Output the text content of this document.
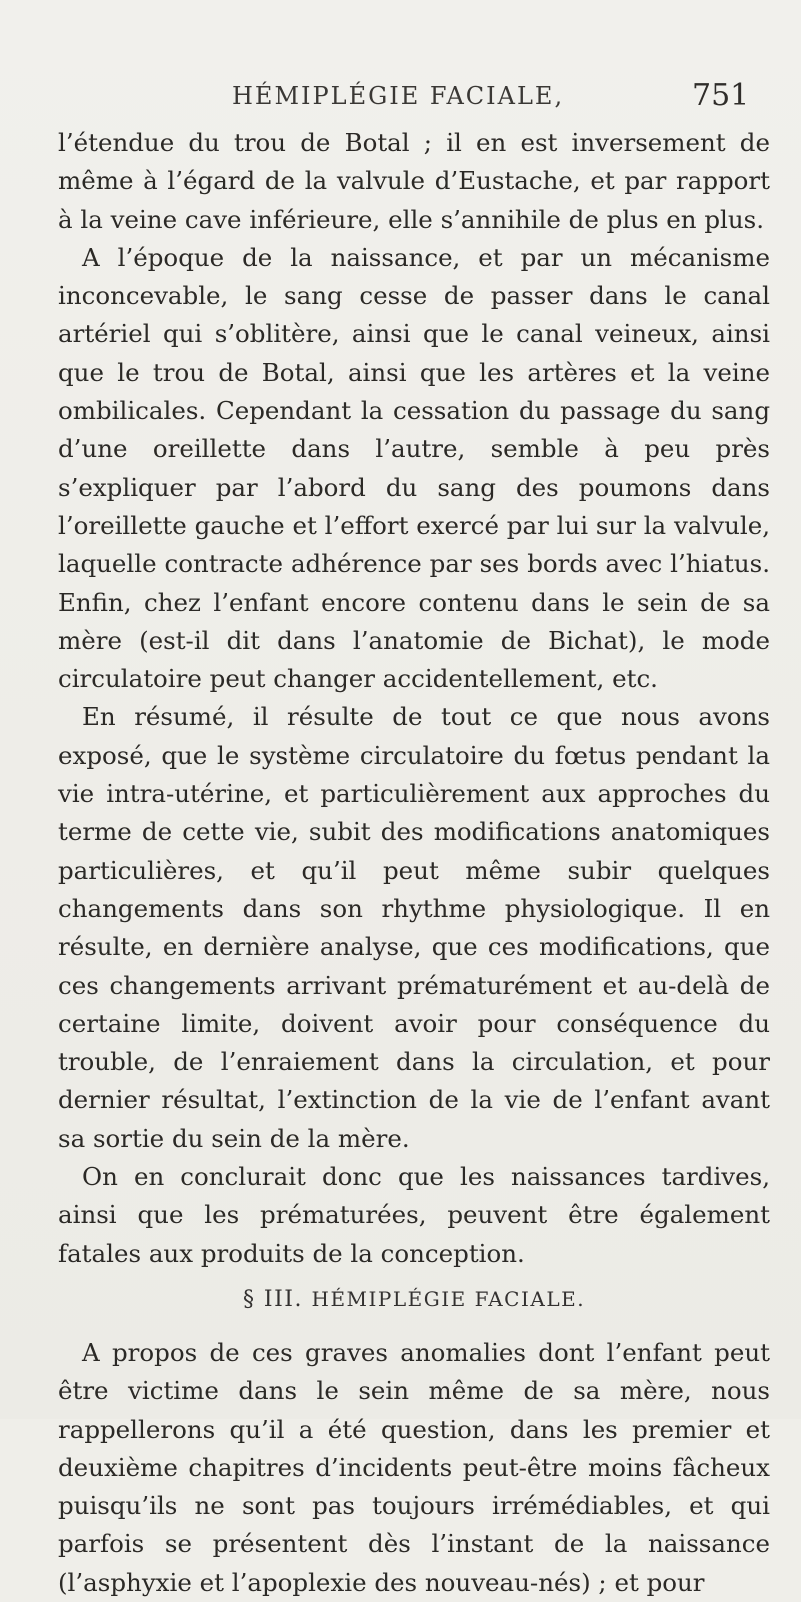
HÉMIPLÉGIE FACIALE,	751

l’étendue du trou de Botal ; il en est inversement de même à l’égard de la valvule d’Eustache, et par rapport à la veine cave inférieure, elle s’annihile de plus en plus.

A l’époque de la naissance, et par un mécanisme inconcevable, le sang cesse de passer dans le canal artériel qui s’oblitère, ainsi que le canal veineux, ainsi que le trou de Botal, ainsi que les artères et la veine ombilicales. Cependant la cessation du passage du sang d’une oreillette dans l’autre, semble à peu près s’expliquer par l’abord du sang des poumons dans l’oreillette gauche et l’effort exercé par lui sur la valvule, laquelle contracte adhérence par ses bords avec l’hiatus. Enfin, chez l’enfant encore contenu dans le sein de sa mère (est-il dit dans l’anatomie de Bichat), le mode circulatoire peut changer accidentellement, etc.

En résumé, il résulte de tout ce que nous avons exposé, que le système circulatoire du fœtus pendant la vie intra-utérine, et particulièrement aux approches du terme de cette vie, subit des modifications anatomiques particulières, et qu’il peut même subir quelques changements dans son rhythme physiologique. Il en résulte, en dernière analyse, que ces modifications, que ces changements arrivant prématurément et au-delà de certaine limite, doivent avoir pour conséquence du trouble, de l’enraiement dans la circulation, et pour dernier résultat, l’extinction de la vie de l’enfant avant sa sortie du sein de la mère.

On en conclurait donc que les naissances tardives, ainsi que les prématurées, peuvent être également fatales aux produits de la conception.

§ III. HÉMIPLÉGIE FACIALE.

A propos de ces graves anomalies dont l’enfant peut être victime dans le sein même de sa mère, nous rappellerons qu’il a été question, dans les premier et deuxième chapitres d’incidents peut-être moins fâcheux puisqu’ils ne sont pas toujours irrémédiables, et qui parfois se présentent dès l’instant de la naissance (l’asphyxie et l’apoplexie des nouveau-nés) ; et pour
